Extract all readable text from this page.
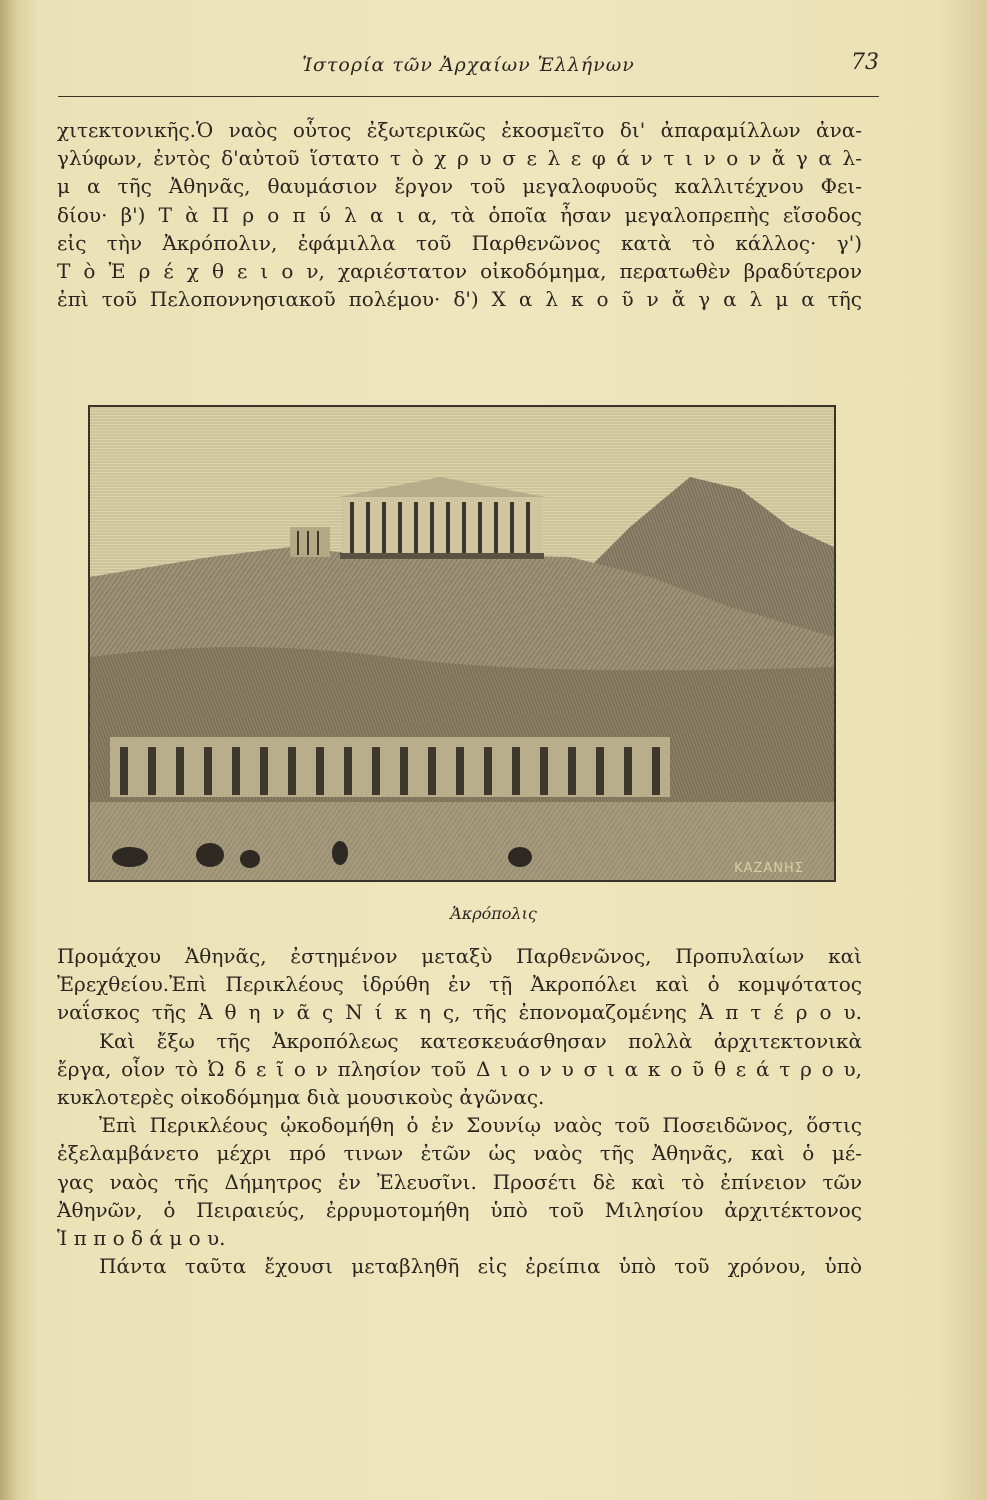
Ἱστορία τῶν Ἀρχαίων Ἑλλήνων	73

χιτεκτονικῆς.Ὁ ναὸς οὗτος ἐξωτερικῶς ἐκοσμεῖτο δι' ἀπαραμίλλων ἀνα-

γλύφων, ἐντὸς δ'αὐτοῦ ἵστατο τ ὸ χ ρ υ σ ε λ ε φ ά ν τ ι ν ο ν ἄ γ α λ-

μ α τῆς Ἀθηνᾶς, θαυμάσιον ἔργον τοῦ μεγαλοφυοῦς καλλιτέχνου Φει-

δίου· β') Τ ὰ Π ρ ο π ύ λ α ι α, τὰ ὁποῖα ἦσαν μεγαλοπρεπὴς εἴσοδος

εἰς τὴν Ἀκρόπολιν, ἐφάμιλλα τοῦ Παρθενῶνος κατὰ τὸ κάλλος· γ')

Τ ὸ Ἐ ρ έ χ θ ε ι ο ν, χαριέστατον οἰκοδόμημα, περατωθὲν βραδύτερον

ἐπὶ τοῦ Πελοποννησιακοῦ πολέμου· δ') Χ α λ κ ο ῦ ν ἄ γ α λ μ α τῆς

ΚΑΖΑΝΗΣ
Ἀκρόπολις

Προμάχου Ἀθηνᾶς, ἐστημένον μεταξὺ Παρθενῶνος, Προπυλαίων καὶ

Ἐρεχθείου.Ἐπὶ Περικλέους ἱδρύθη ἐν τῇ Ἀκροπόλει καὶ ὁ κομψότατος

ναΐσκος τῆς Ἀ θ η ν ᾶ ς Ν ί κ η ς, τῆς ἐπονομαζομένης Ἀ π τ έ ρ ο υ.

Καὶ ἔξω τῆς Ἀκροπόλεως κατεσκευάσθησαν πολλὰ ἀρχιτεκτονικὰ

ἔργα, οἷον τὸ Ὠ δ ε ῖ ο ν πλησίον τοῦ Δ ι ο ν υ σ ι α κ ο ῦ θ ε ά τ ρ ο υ,

κυκλοτερὲς οἰκοδόμημα διὰ μουσικοὺς ἀγῶνας.

Ἐπὶ Περικλέους ᾠκοδομήθη ὁ ἐν Σουνίῳ ναὸς τοῦ Ποσειδῶνος, ὅστις

ἐξελαμβάνετο μέχρι πρό τινων ἐτῶν ὡς ναὸς τῆς Ἀθηνᾶς, καὶ ὁ μέ-

γας ναὸς τῆς Δήμητρος ἐν Ἐλευσῖνι. Προσέτι δὲ καὶ τὸ ἐπίνειον τῶν

Ἀθηνῶν, ὁ Πειραιεύς, ἐρρυμοτομήθη ὑπὸ τοῦ Μιλησίου ἀρχιτέκτονος

Ἱ π π ο δ ά μ ο υ.

Πάντα ταῦτα ἔχουσι μεταβληθῆ εἰς ἐρείπια ὑπὸ τοῦ χρόνου, ὑπὸ
